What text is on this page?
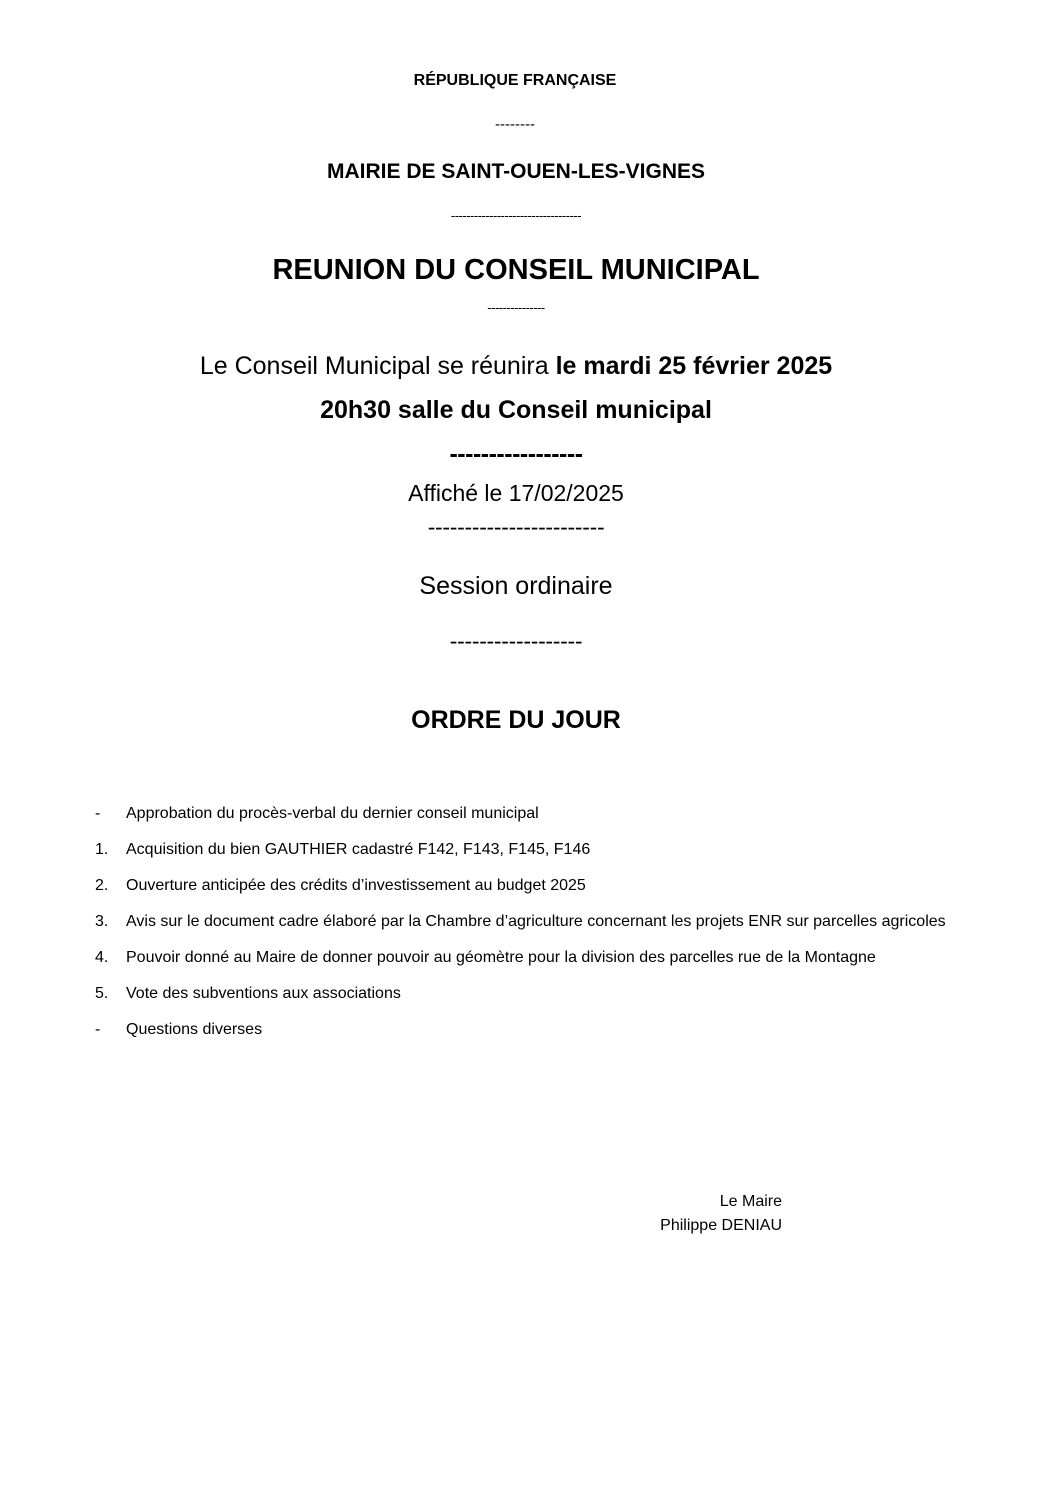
RÉPUBLIQUE FRANÇAISE
--------
MAIRIE DE SAINT-OUEN-LES-VIGNES
----------------------------------
REUNION DU CONSEIL MUNICIPAL
---------------
Le Conseil Municipal se réunira le mardi 25 février 2025
20h30 salle du Conseil municipal
-----------------
Affiché le 17/02/2025
------------------------
Session ordinaire
------------------
ORDRE DU JOUR
-	Approbation du procès-verbal du dernier conseil municipal
1.	Acquisition du bien GAUTHIER cadastré F142, F143, F145, F146
2.	Ouverture anticipée des crédits d’investissement au budget 2025
3.	Avis sur le document cadre élaboré par la Chambre d’agriculture concernant les projets ENR sur parcelles agricoles
4.	Pouvoir donné au Maire de donner pouvoir au géomètre pour la division des parcelles rue de la Montagne
5.	Vote des subventions aux associations
-	Questions diverses
Le Maire
Philippe DENIAU
